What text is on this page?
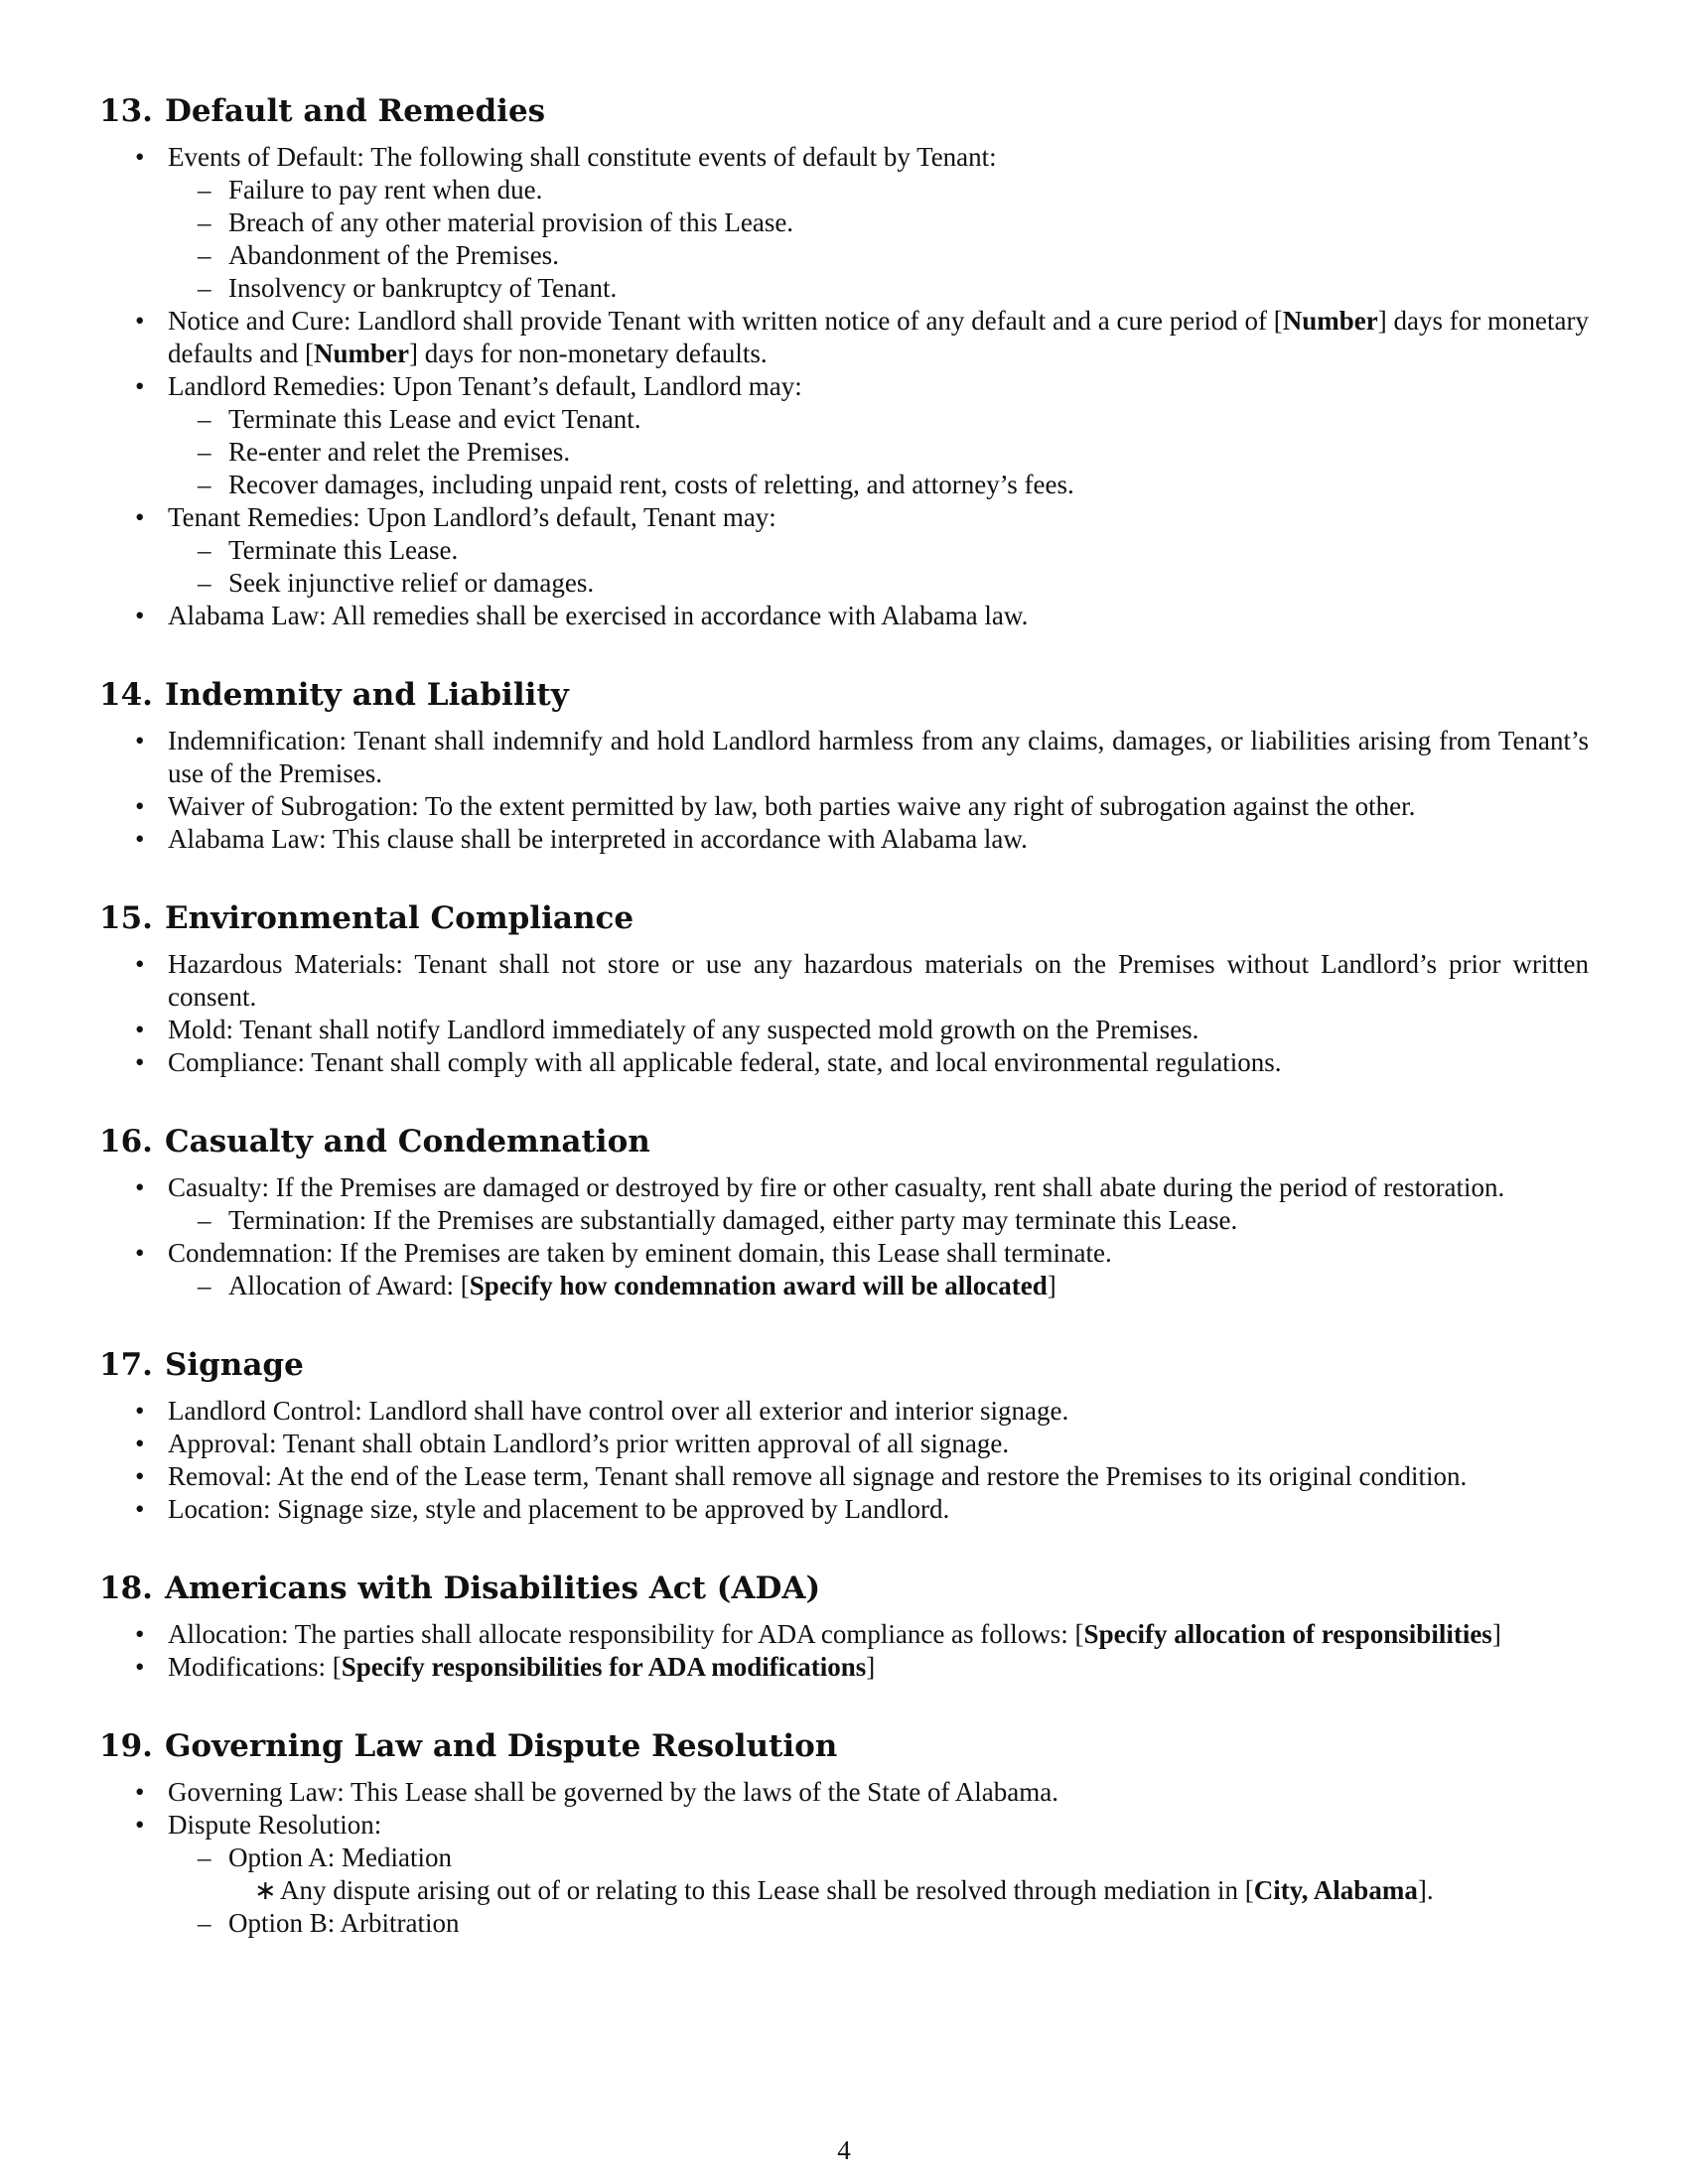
13. Default and Remedies
• Events of Default: The following shall constitute events of default by Tenant:
– Failure to pay rent when due.
– Breach of any other material provision of this Lease.
– Abandonment of the Premises.
– Insolvency or bankruptcy of Tenant.
• Notice and Cure: Landlord shall provide Tenant with written notice of any default and a cure period of [Number] days for monetary defaults and [Number] days for non-monetary defaults.
• Landlord Remedies: Upon Tenant’s default, Landlord may:
– Terminate this Lease and evict Tenant.
– Re-enter and relet the Premises.
– Recover damages, including unpaid rent, costs of reletting, and attorney’s fees.
• Tenant Remedies: Upon Landlord’s default, Tenant may:
– Terminate this Lease.
– Seek injunctive relief or damages.
• Alabama Law: All remedies shall be exercised in accordance with Alabama law.
14. Indemnity and Liability
• Indemnification: Tenant shall indemnify and hold Landlord harmless from any claims, damages, or liabilities arising from Tenant’s use of the Premises.
• Waiver of Subrogation: To the extent permitted by law, both parties waive any right of subrogation against the other.
• Alabama Law: This clause shall be interpreted in accordance with Alabama law.
15. Environmental Compliance
• Hazardous Materials: Tenant shall not store or use any hazardous materials on the Premises without Landlord’s prior written consent.
• Mold: Tenant shall notify Landlord immediately of any suspected mold growth on the Premises.
• Compliance: Tenant shall comply with all applicable federal, state, and local environmental regulations.
16. Casualty and Condemnation
• Casualty: If the Premises are damaged or destroyed by fire or other casualty, rent shall abate during the period of restoration.
– Termination: If the Premises are substantially damaged, either party may terminate this Lease.
• Condemnation: If the Premises are taken by eminent domain, this Lease shall terminate.
– Allocation of Award: [Specify how condemnation award will be allocated]
17. Signage
• Landlord Control: Landlord shall have control over all exterior and interior signage.
• Approval: Tenant shall obtain Landlord’s prior written approval of all signage.
• Removal: At the end of the Lease term, Tenant shall remove all signage and restore the Premises to its original condition.
• Location: Signage size, style and placement to be approved by Landlord.
18. Americans with Disabilities Act (ADA)
• Allocation: The parties shall allocate responsibility for ADA compliance as follows: [Specify allocation of responsibilities]
• Modifications: [Specify responsibilities for ADA modifications]
19. Governing Law and Dispute Resolution
• Governing Law: This Lease shall be governed by the laws of the State of Alabama.
• Dispute Resolution:
– Option A: Mediation
∗ Any dispute arising out of or relating to this Lease shall be resolved through mediation in [City, Alabama].
– Option B: Arbitration
4
